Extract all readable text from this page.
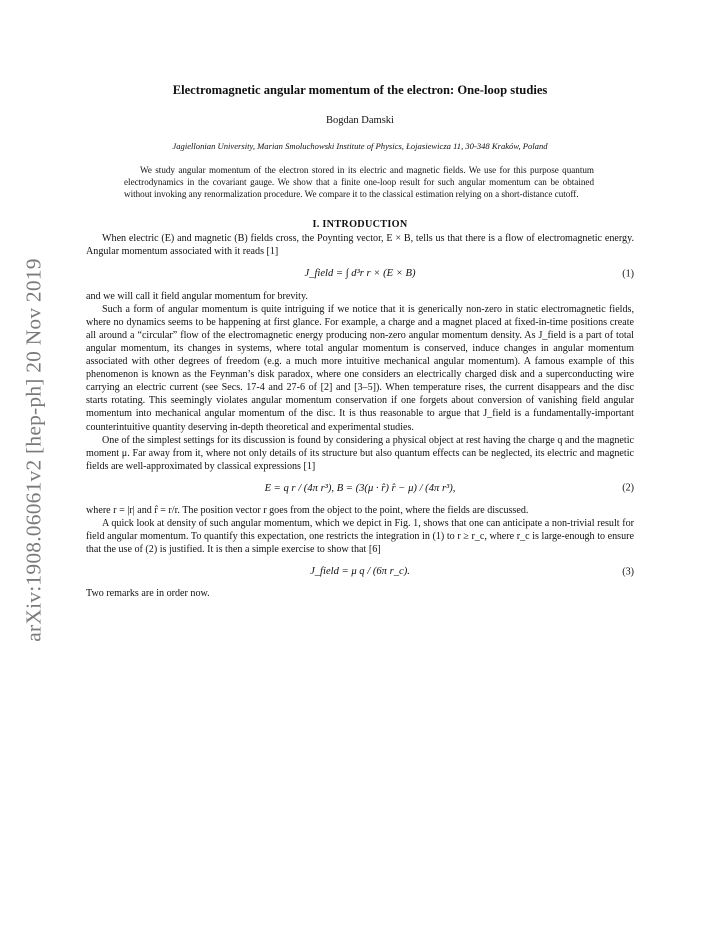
arXiv:1908.06061v2 [hep-ph] 20 Nov 2019
Electromagnetic angular momentum of the electron: One-loop studies
Bogdan Damski
Jagiellonian University, Marian Smoluchowski Institute of Physics, Łojasiewicza 11, 30-348 Kraków, Poland

We study angular momentum of the electron stored in its electric and magnetic fields. We use for this purpose quantum electrodynamics in the covariant gauge. We show that a finite one-loop result for such angular momentum can be obtained without invoking any renormalization procedure. We compare it to the classical estimation relying on a short-distance cutoff.

I. INTRODUCTION

When electric (E) and magnetic (B) fields cross, the Poynting vector, E × B, tells us that there is a flow of electromagnetic energy. Angular momentum associated with it reads [1]

J_field = ∫ d³r r × (E × B)	(1)

and we will call it field angular momentum for brevity.

Such a form of angular momentum is quite intriguing if we notice that it is generically non-zero in static electromagnetic fields, where no dynamics seems to be happening at first glance. For example, a charge and a magnet placed at fixed-in-time positions create all around a “circular” flow of the electromagnetic energy producing non-zero angular momentum density. As J_field is a part of total angular momentum, its changes in systems, where total angular momentum is conserved, induce changes in angular momentum associated with other degrees of freedom (e.g. a much more intuitive mechanical angular momentum). A famous example of this phenomenon is known as the Feynman’s disk paradox, where one considers an electrically charged disk and a superconducting wire carrying an electric current (see Secs. 17-4 and 27-6 of [2] and [3–5]). When temperature rises, the current disappears and the disc starts rotating. This seemingly violates angular momentum conservation if one forgets about conversion of vanishing field angular momentum into mechanical angular momentum of the disc. It is thus reasonable to argue that J_field is a fundamentally-important counterintuitive quantity deserving in-depth theoretical and experimental studies.

One of the simplest settings for its discussion is found by considering a physical object at rest having the charge q and the magnetic moment μ. Far away from it, where not only details of its structure but also quantum effects can be neglected, its electric and magnetic fields are well-approximated by classical expressions [1]

E = q r / (4π r³), B = (3(μ · r̂) r̂ − μ) / (4π r³),	(2)

where r = |r| and r̂ = r/r. The position vector r goes from the object to the point, where the fields are discussed.

A quick look at density of such angular momentum, which we depict in Fig. 1, shows that one can anticipate a non-trivial result for field angular momentum. To quantify this expectation, one restricts the integration in (1) to r ≥ r_c, where r_c is large-enough to ensure that the use of (2) is justified. It is then a simple exercise to show that [6]

J_field = μ q / (6π r_c).	(3)

Two remarks are in order now.
